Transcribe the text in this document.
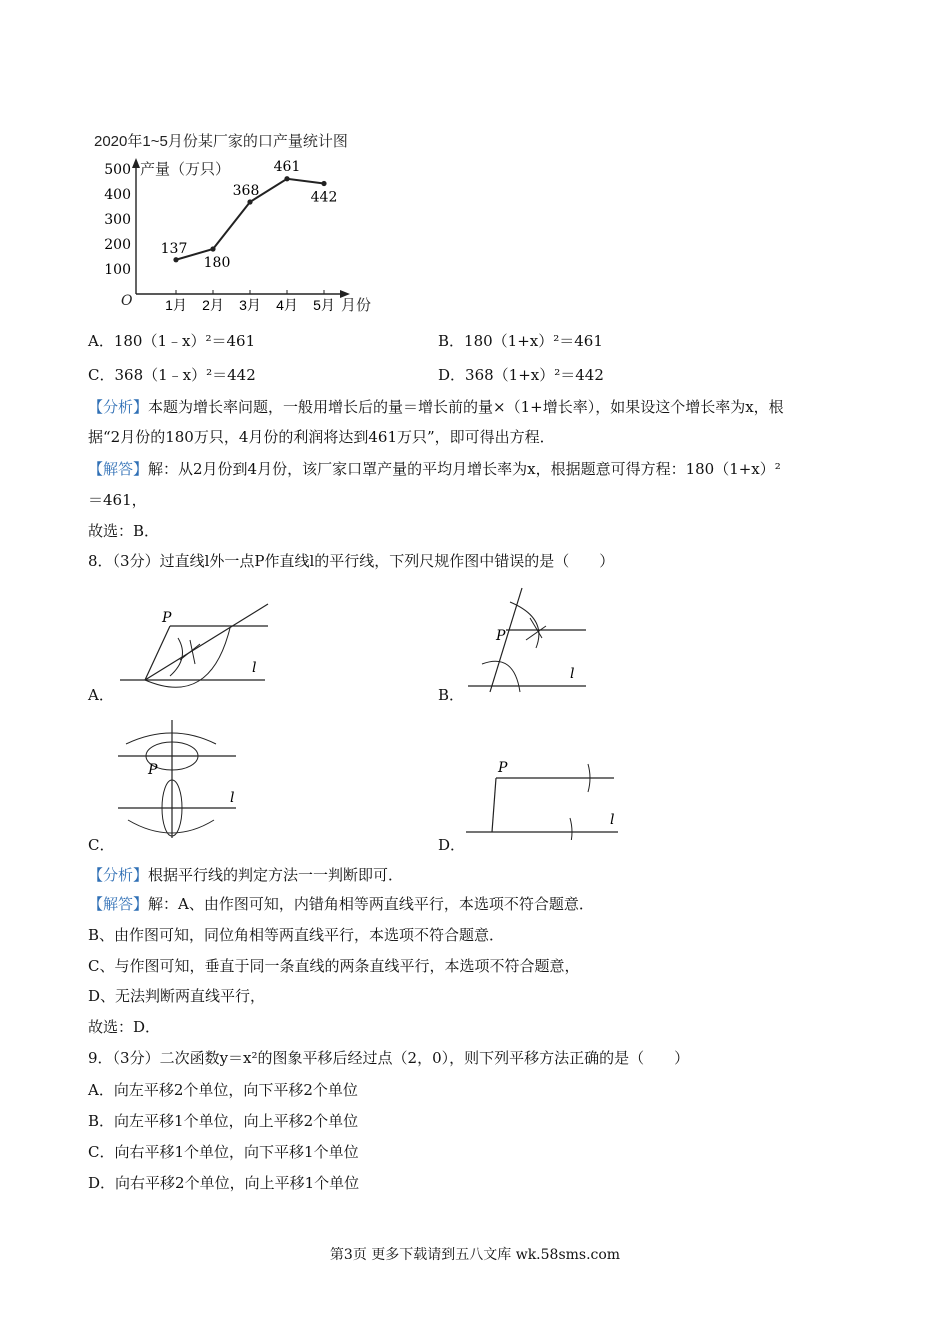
2020年1~5月份某厂家的口产量统计图
产量（万只）
月份
O
100
200
300
400
500
1月 2月 3月 4月 5月
137
180
368
461
442
A．180（1﹣x）²＝461	B．180（1+x）²＝461
C．368（1﹣x）²＝442	D．368（1+x）²＝442
【分析】本题为增长率问题，一般用增长后的量＝增长前的量×（1+增长率），如果设这个增长率为x，根
据“2月份的180万只，4月份的利润将达到461万只”，即可得出方程．
【解答】解：从2月份到4月份，该厂家口罩产量的平均月增长率为x，根据题意可得方程：180（1+x）²
＝461，
故选：B．
8．（3分）过直线l外一点P作直线l的平行线，下列尺规作图中错误的是（　　）
P
l
A．
P
l
B．
P
l
C．
P
l
D．
【分析】根据平行线的判定方法一一判断即可．
【解答】解：A、由作图可知，内错角相等两直线平行，本选项不符合题意．
B、由作图可知，同位角相等两直线平行，本选项不符合题意．
C、与作图可知，垂直于同一条直线的两条直线平行，本选项不符合题意，
D、无法判断两直线平行，
故选：D．
9．（3分）二次函数y＝x²的图象平移后经过点（2，0），则下列平移方法正确的是（　　）
A．向左平移2个单位，向下平移2个单位
B．向左平移1个单位，向上平移2个单位
C．向右平移1个单位，向下平移1个单位
D．向右平移2个单位，向上平移1个单位
第3页 更多下载请到五八文库 wk.58sms.com
